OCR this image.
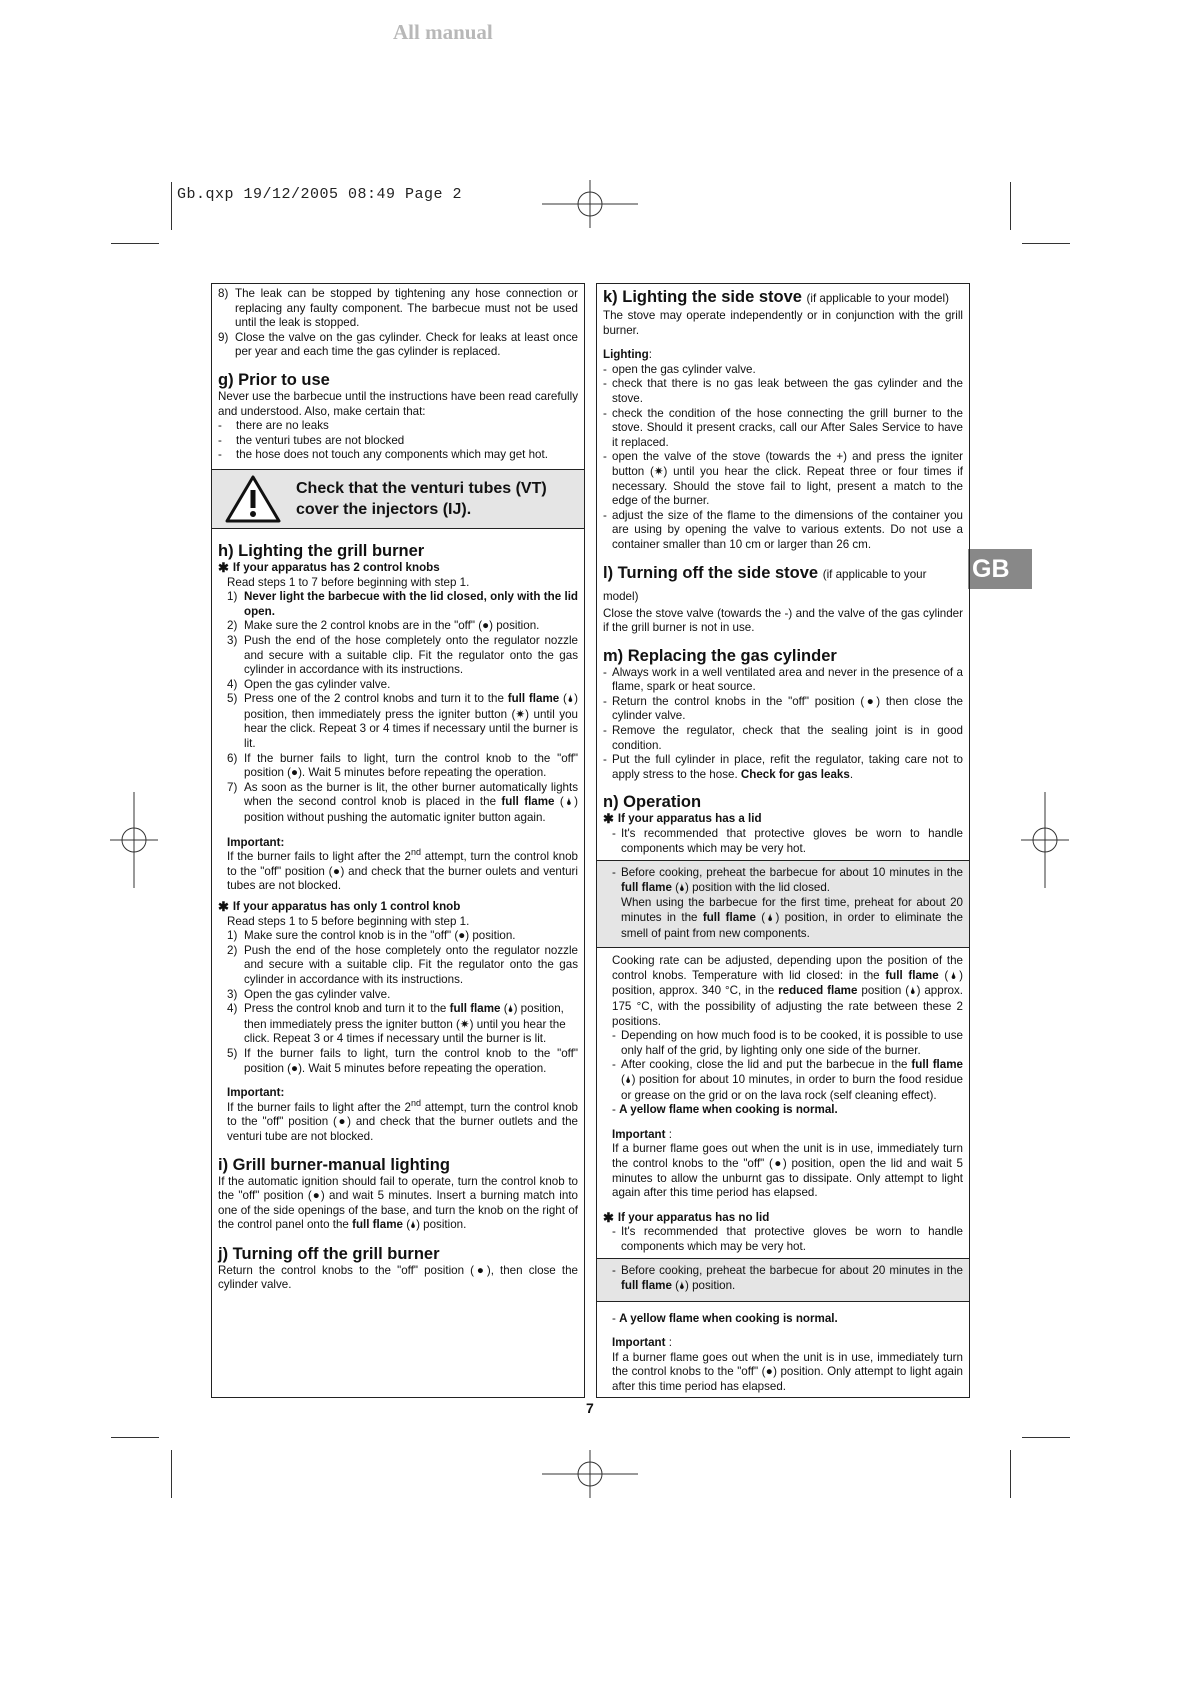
All manual
Gb.qxp 19/12/2005 08:49 Page 2
GB
8) The leak can be stopped by tightening any hose connection or replacing any faulty component. The barbecue must not be used until the leak is stopped.
9) Close the valve on the gas cylinder. Check for leaks at least once per year and each time the gas cylinder is replaced.
g) Prior to use

Never use the barbecue until the instructions have been read carefully and understood. Also, make certain that:

-	there are no leaks
-	the venturi tubes are not blocked
-	the hose does not touch any components which may get hot.
Check that the venturi tubes (VT) cover the injectors (IJ).
h) Lighting the grill burner
✱ If your apparatus has 2 control knobs
Read steps 1 to 7 before beginning with step 1.
1) Never light the barbecue with the lid closed, only with the lid open.
2) Make sure the 2 control knobs are in the "off" (●) position.
3) Push the end of the hose completely onto the regulator nozzle and secure with a suitable clip. Fit the regulator onto the gas cylinder in accordance with its instructions.
4) Open the gas cylinder valve.
5) Press one of the 2 control knobs and turn it to the full flame (🌢) position, then immediately press the igniter button (✷) until you hear the click. Repeat 3 or 4 times if necessary until the burner is lit.
6) If the burner fails to light, turn the control knob to the "off" position (●). Wait 5 minutes before repeating the operation.
7) As soon as the burner is lit, the other burner automatically lights when the second control knob is placed in the full flame (🌢) position without pushing the automatic igniter button again.
Important:

If the burner fails to light after the 2nd attempt, turn the control knob to the "off" position (●) and check that the burner oulets and venturi tubes are not blocked.

✱ If your apparatus has only 1 control knob
Read steps 1 to 5 before beginning with step 1.
1) Make sure the control knob is in the "off" (●) position.
2) Push the end of the hose completely onto the regulator nozzle and secure with a suitable clip. Fit the regulator onto the gas cylinder in accordance with its instructions.
3) Open the gas cylinder valve.
4) Press the control knob and turn it to the full flame (🌢) position, then immediately press the igniter button (✷) until you hear the click. Repeat 3 or 4 times if necessary until the burner is lit.
5) If the burner fails to light, turn the control knob to the "off" position (●). Wait 5 minutes before repeating the operation.
Important:

If the burner fails to light after the 2nd attempt, turn the control knob to the "off" position (●) and check that the burner outlets and the venturi tube are not blocked.

i) Grill burner-manual lighting

If the automatic ignition should fail to operate, turn the control knob to the "off" position (●) and wait 5 minutes. Insert a burning match into one of the side openings of the base, and turn the knob on the right of the control panel onto the full flame (🌢) position.

j) Turning off the grill burner

Return the control knobs to the "off" position (●), then close the cylinder valve.

k) Lighting the side stove (if applicable to your model)

The stove may operate independently or in conjunction with the grill burner.

Lighting:
- open the gas cylinder valve.
- check that there is no gas leak between the gas cylinder and the stove.
- check the condition of the hose connecting the grill burner to the stove. Should it present cracks, call our After Sales Service to have it replaced.
- open the valve of the stove (towards the +) and press the igniter button (✷) until you hear the click. Repeat three or four times if necessary. Should the stove fail to light, present a match to the edge of the burner.
- adjust the size of the flame to the dimensions of the container you are using by opening the valve to various extents. Do not use a container smaller than 10 cm or larger than 26 cm.
l) Turning off the side stove (if applicable to your model)

Close the stove valve (towards the -) and the valve of the gas cylinder if the grill burner is not in use.

m) Replacing the gas cylinder
- Always work in a well ventilated area and never in the presence of a flame, spark or heat source.
- Return the control knobs in the "off" position (●) then close the cylinder valve.
- Remove the regulator, check that the sealing joint is in good condition.
- Put the full cylinder in place, refit the regulator, taking care not to apply stress to the hose. Check for gas leaks.
n) Operation
✱ If your apparatus has a lid
- It's recommended that protective gloves be worn to handle components which may be very hot.
- Before cooking, preheat the barbecue for about 10 minutes in the full flame (🌢) position with the lid closed.
When using the barbecue for the first time, preheat for about 20 minutes in the full flame (🌢) position, in order to eliminate the smell of paint from new components.

Cooking rate can be adjusted, depending upon the position of the control knobs. Temperature with lid closed: in the full flame (🌢) position, approx. 340 °C, in the reduced flame position (🌢) approx. 175 °C, with the possibility of adjusting the rate between these 2 positions.

- Depending on how much food is to be cooked, it is possible to use only half of the grid, by lighting only one side of the burner.
- After cooking, close the lid and put the barbecue in the full flame (🌢) position for about 10 minutes, in order to burn the food residue or grease on the grid or on the lava rock (self cleaning effect).
- A yellow flame when cooking is normal.
Important :

If a burner flame goes out when the unit is in use, immediately turn the control knobs to the "off" (●) position, open the lid and wait 5 minutes to allow the unburnt gas to dissipate. Only attempt to light again after this time period has elapsed.

✱ If your apparatus has no lid
- It's recommended that protective gloves be worn to handle components which may be very hot.
- Before cooking, preheat the barbecue for about 20 minutes in the full flame (🌢) position.
- A yellow flame when cooking is normal.
Important :

If a burner flame goes out when the unit is in use, immediately turn the control knobs to the "off" (●) position. Only attempt to light again after this time period has elapsed.

7
